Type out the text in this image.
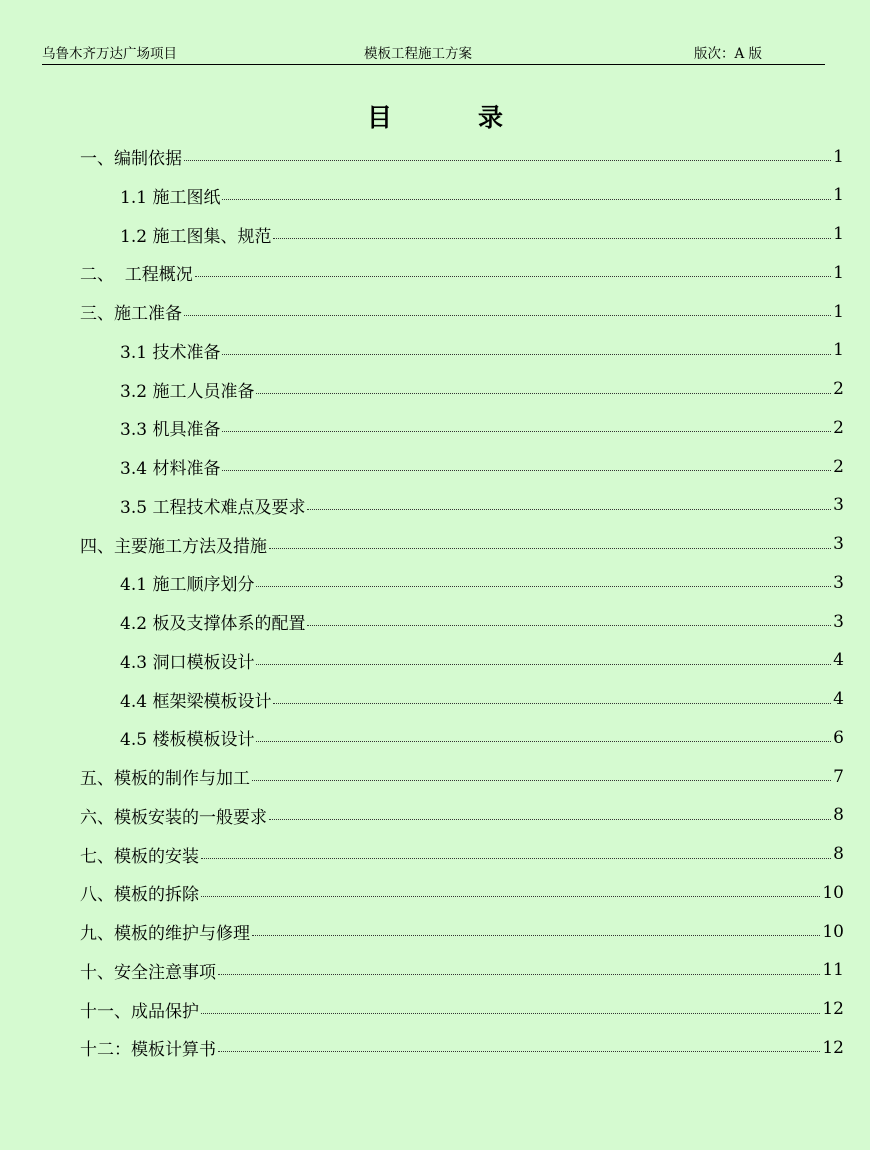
乌鲁木齐万达广场项目	模板工程施工方案	版次：A 版
目	录
一、编制依据	1
1.1 施工图纸	1
1.2 施工图集、规范	1
二、  工程概况	1
三、施工准备	1
3.1 技术准备	1
3.2 施工人员准备	2
3.3 机具准备	2
3.4 材料准备	2
3.5 工程技术难点及要求	3
四、主要施工方法及措施	3
4.1 施工顺序划分	3
4.2 板及支撑体系的配置	3
4.3 洞口模板设计	4
4.4 框架梁模板设计	4
4.5 楼板模板设计	6
五、模板的制作与加工	7
六、模板安装的一般要求	8
七、模板的安装	8
八、模板的拆除	10
九、模板的维护与修理	10
十、安全注意事项	11
十一、成品保护	12
十二：模板计算书	12
